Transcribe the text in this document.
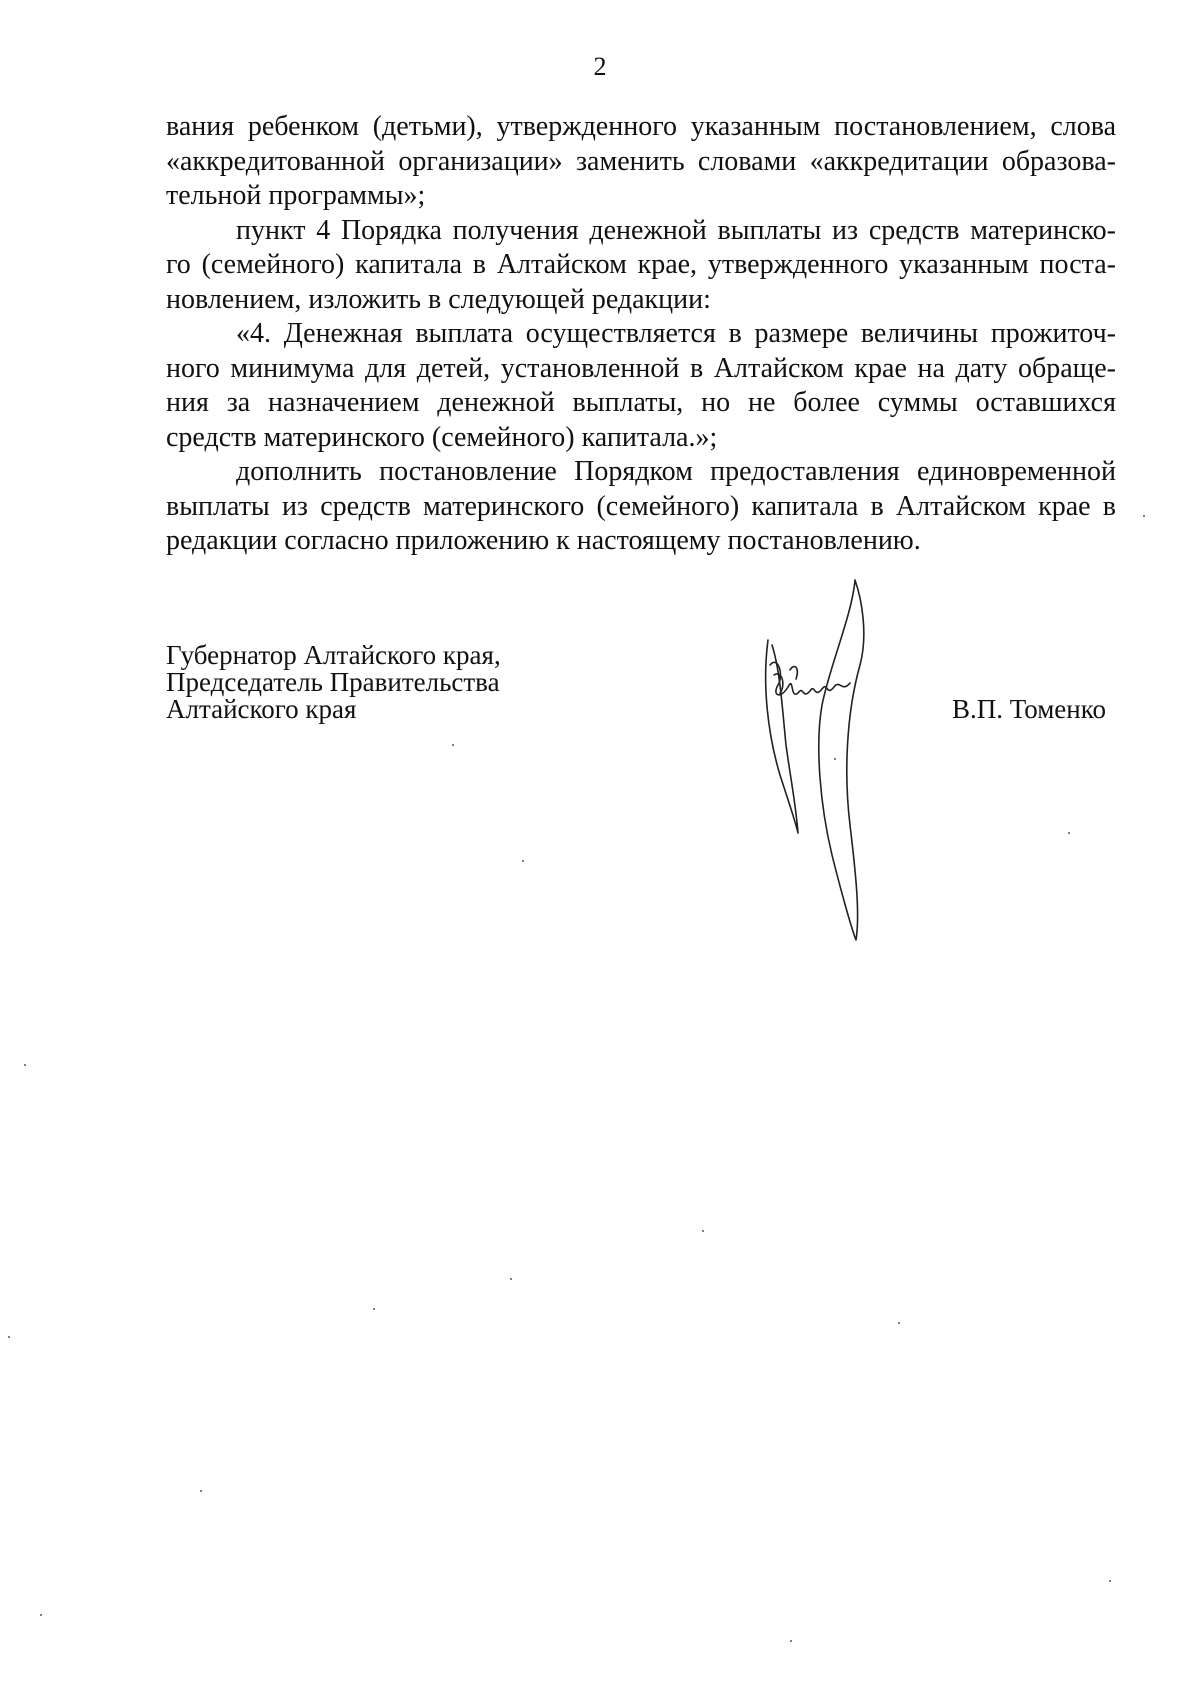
2
вания ребенком (детьми), утвержденного указанным постановлением, слова
«аккредитованной организации» заменить словами «аккредитации образова-
тельной программы»;
пункт 4 Порядка получения денежной выплаты из средств материнско-
го (семейного) капитала в Алтайском крае, утвержденного указанным поста-
новлением, изложить в следующей редакции:
«4. Денежная выплата осуществляется в размере величины прожиточ-
ного минимума для детей, установленной в Алтайском крае на дату обраще-
ния за назначением денежной выплаты, но не более суммы оставшихся
средств материнского (семейного) капитала.»;
дополнить постановление Порядком предоставления единовременной
выплаты из средств материнского (семейного) капитала в Алтайском крае в
редакции согласно приложению к настоящему постановлению.
Губернатор Алтайского края,
Председатель Правительства
Алтайского края	В.П. Томенко
